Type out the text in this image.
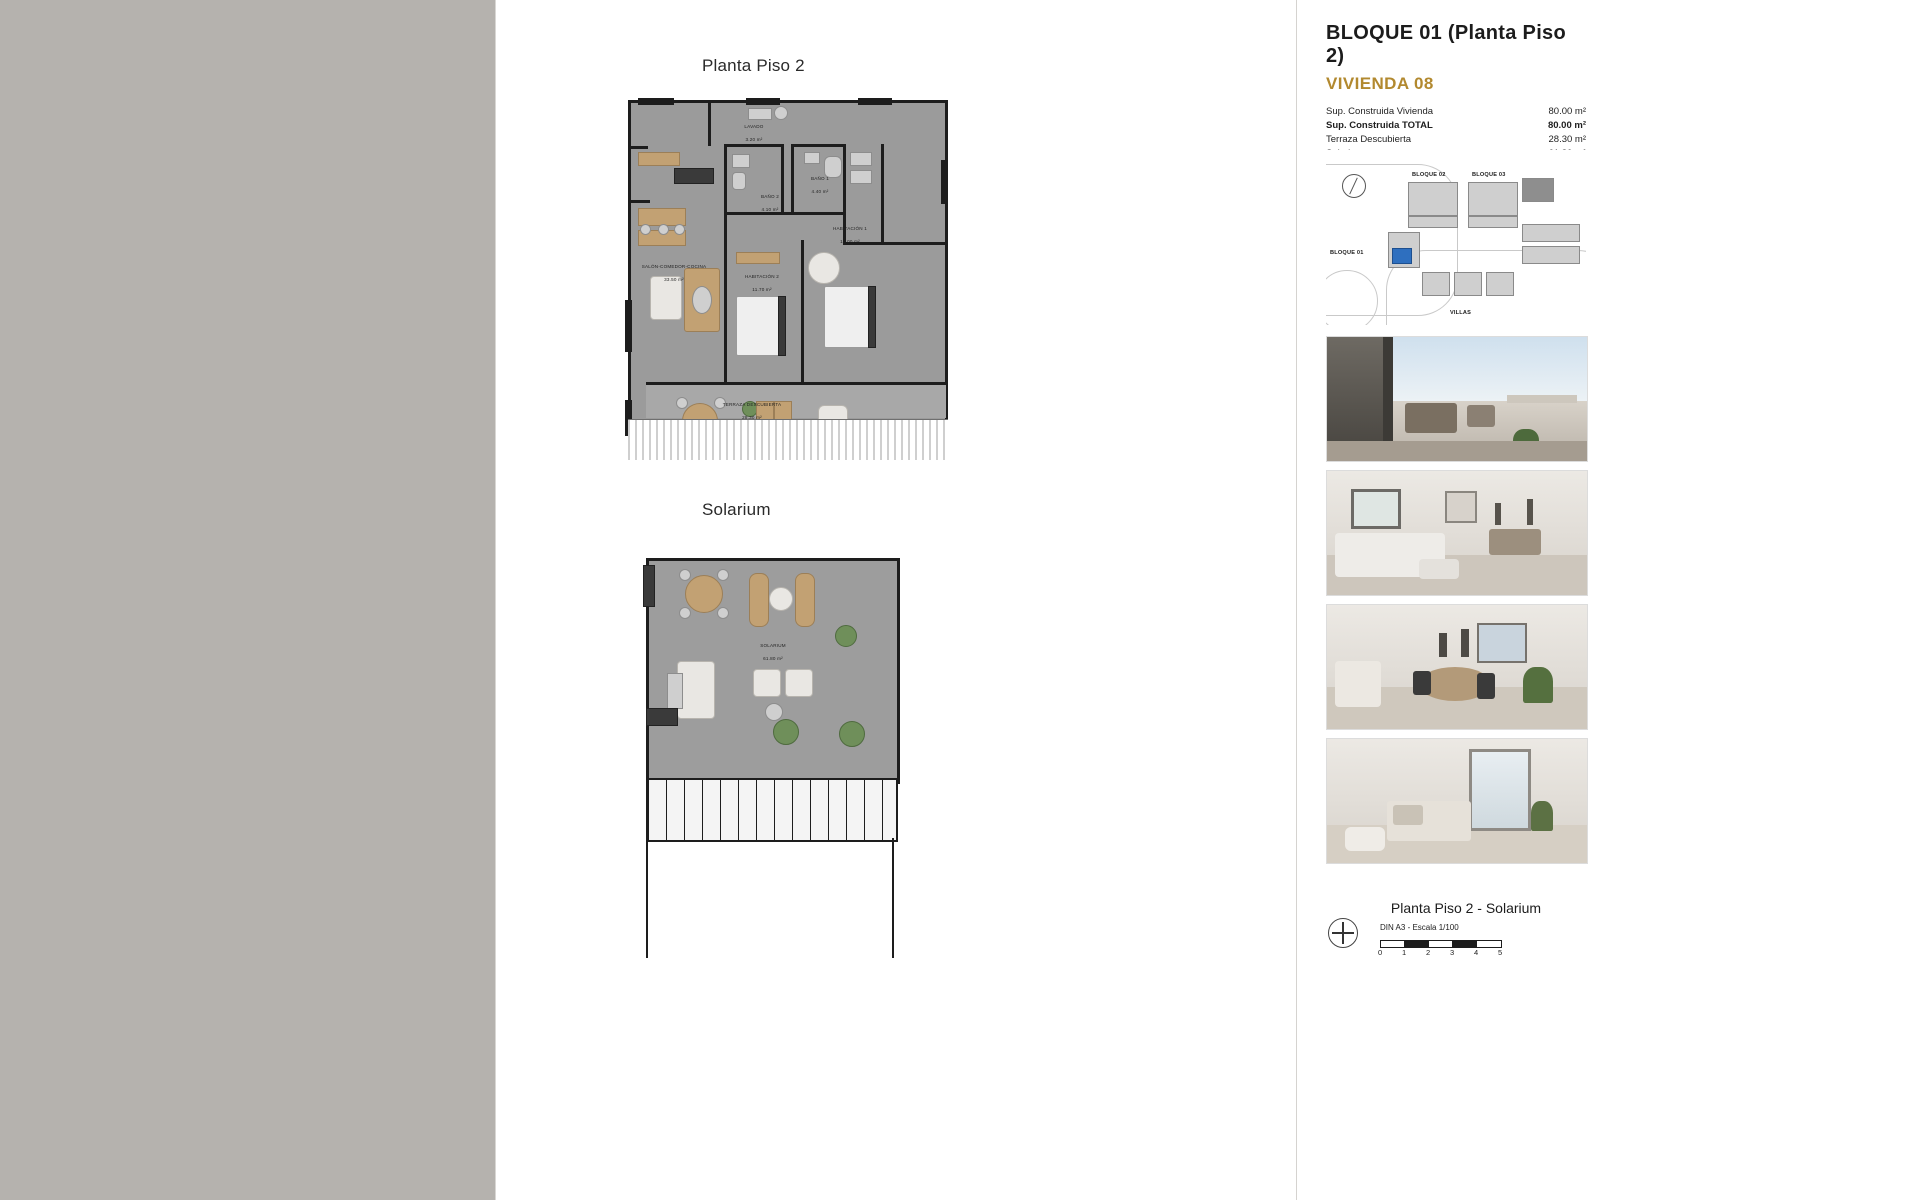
Planta Piso 2

LAVADO

3.20 m²

BAÑO 2

4.10 m²

BAÑO 1

4.40 m²

HABITACIÓN 1

14.00 m²

HABITACIÓN 2

11.70 m²

SALÓN-COMEDOR-COCINA

33.50 m²

TERRAZA DESCUBIERTA

28.30 m²

Solarium

SOLARIUM

61.80 m²

BLOQUE 01 (Planta Piso 2)
VIVIENDA 08
Sup. Construida Vivienda	80.00 m²
Sup. Construida TOTAL	80.00 m²
Terraza Descubierta	28.30 m²
BLOQUE 02	BLOQUE 03
BLOQUE 01
VILLAS
Planta Piso 2 - Solarium
DIN A3 - Escala 1/100
0	1	2	3	4	5
